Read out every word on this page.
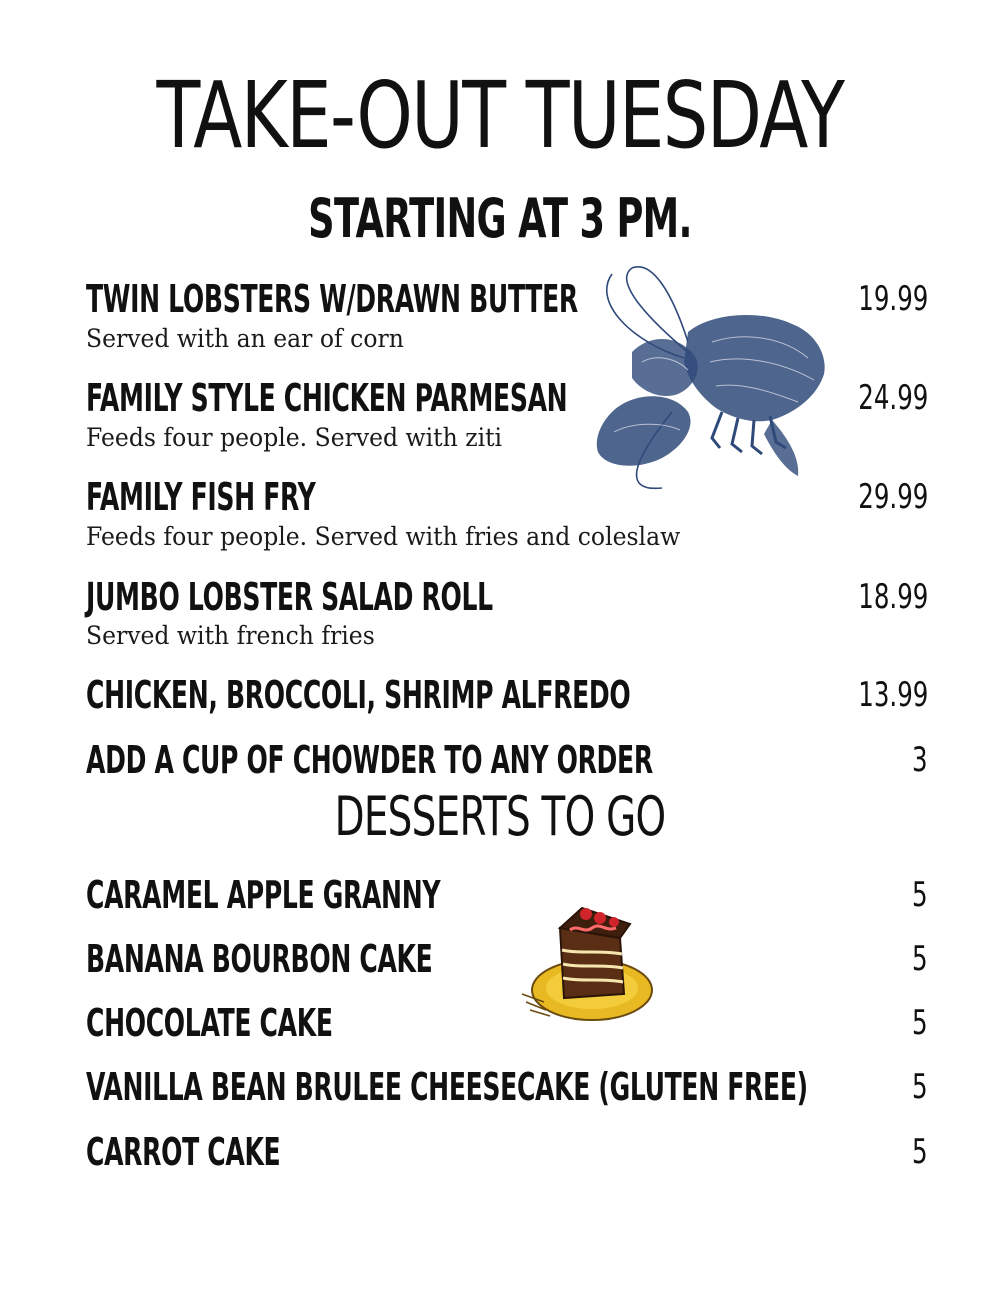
TAKE-OUT TUESDAY
STARTING AT 3 PM.
TWIN LOBSTERS W/DRAWN BUTTER	19.99
Served with an ear of corn
FAMILY STYLE CHICKEN PARMESAN	24.99
Feeds four people. Served with ziti
FAMILY FISH FRY	29.99
Feeds four people. Served with fries and coleslaw
JUMBO LOBSTER SALAD ROLL	18.99
Served with french fries
CHICKEN, BROCCOLI, SHRIMP ALFREDO	13.99
ADD A CUP OF CHOWDER TO ANY ORDER	3
DESSERTS TO GO
CARAMEL APPLE GRANNY	5
BANANA BOURBON CAKE	5
CHOCOLATE CAKE	5
VANILLA BEAN BRULEE CHEESECAKE (GLUTEN FREE)	5
CARROT CAKE	5
